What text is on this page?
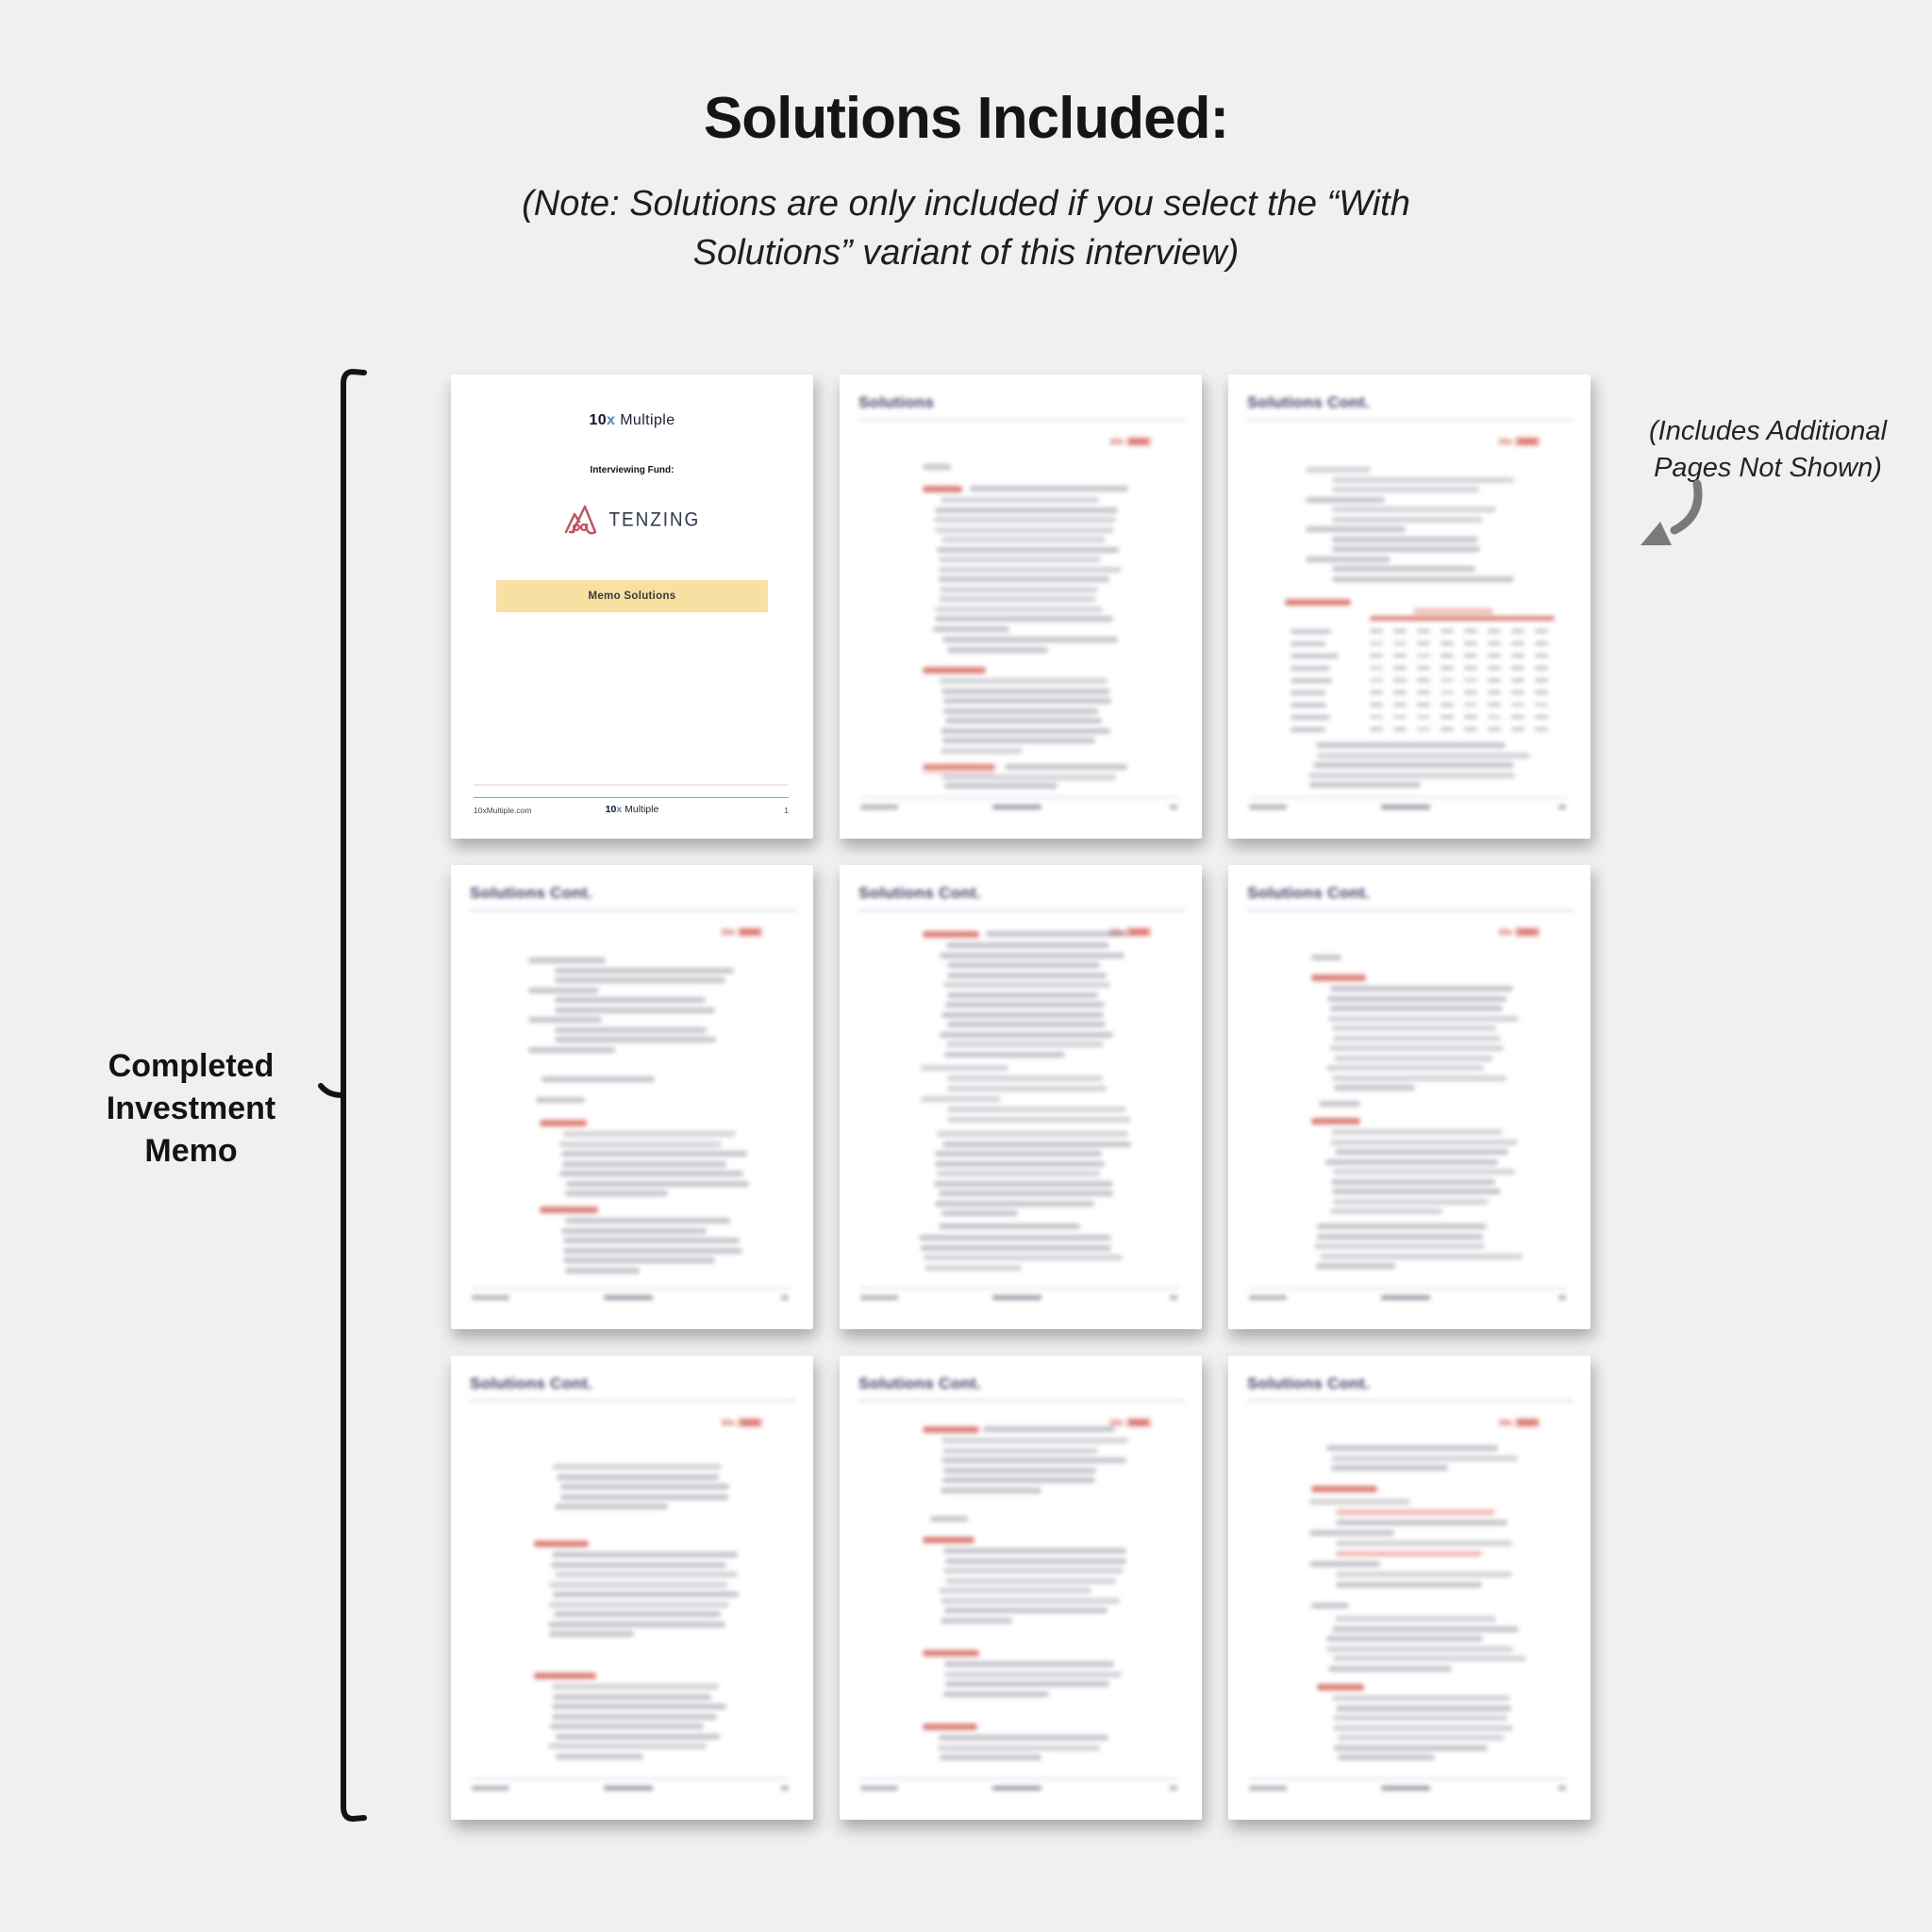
Solutions Included:
(Note: Solutions are only included if you select the “With
Solutions” variant of this interview)
Completed
Investment
Memo
(Includes Additional
Pages Not Shown)
10x Multiple
Interviewing Fund:
TENZING
Memo Solutions
10xMultiple.com	10x Multiple	1
Solutions
10x
Solutions Cont.
10x
Solutions Cont.
10x
Solutions Cont.
10x
Solutions Cont.
10x
Solutions Cont.
10x
Solutions Cont.
10x
Solutions Cont.
10x
